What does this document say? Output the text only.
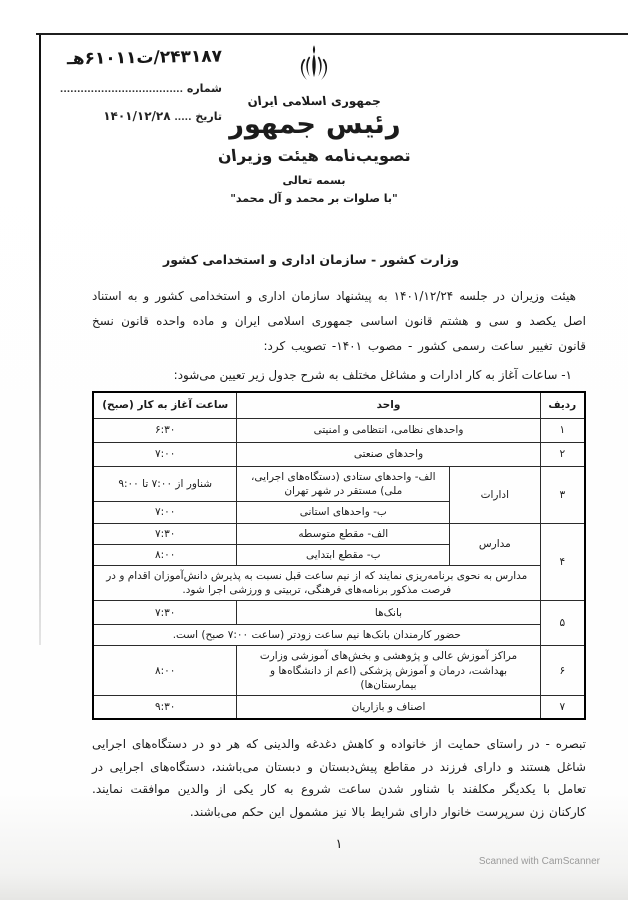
۲۴۳۱۸۷/ت۶۱۰۱۱هـ
شماره ....................................
تاریخ ..... ۱۴۰۱/۱۲/۲۸
جمهوری اسلامی ایران
رئیس جمهور
تصویب‌نامه هیئت وزیران
بسمه تعالی
"با صلوات بر محمد و آل محمد"
وزارت کشور - سازمان اداری و استخدامی کشور

هیئت وزیران در جلسه ۱۴۰۱/۱۲/۲۴ به پیشنهاد سازمان اداری و استخدامی کشور و به استناد اصل یکصد و سی و هشتم قانون اساسی جمهوری اسلامی ایران و ماده واحده قانون نسخ قانون تغییر ساعت رسمی کشور - مصوب ۱۴۰۱- تصویب کرد:

۱- ساعات آغاز به کار ادارات و مشاغل مختلف به شرح جدول زیر تعیین می‌شود:

ردیف	واحد		ساعت آغاز به کار (صبح)
۱	واحدهای نظامی، انتظامی و امنیتی		۶:۳۰
۲	واحدهای صنعتی		۷:۰۰
۳	ادارات	الف- واحدهای ستادی (دستگاه‌های اجرایی، ملی) مستقر در شهر تهران	شناور از ۷:۰۰ تا ۹:۰۰
		ب- واحدهای استانی	۷:۰۰
۴	مدارس	الف- مقطع متوسطه	۷:۳۰
		ب- مقطع ابتدایی	۸:۰۰
	مدارس به نحوی برنامه‌ریزی نمایند که از نیم ساعت قبل نسبت به پذیرش دانش‌آموزان اقدام و در فرصت مذکور برنامه‌های فرهنگی، تربیتی و ورزشی اجرا شود.		
۵	بانک‌ها		۷:۳۰
	حضور کارمندان بانک‌ها نیم ساعت زودتر (ساعت ۷:۰۰ صبح) است.		
۶	مراکز آموزش عالی و پژوهشی و بخش‌های آموزشی وزارت بهداشت، درمان و آموزش پزشکی (اعم از دانشگاه‌ها و بیمارستان‌ها)		۸:۰۰
۷	اصناف و بازاریان		۹:۳۰

تبصره - در راستای حمایت از خانواده و کاهش دغدغه والدینی که هر دو در دستگاه‌های اجرایی شاغل هستند و دارای فرزند در مقاطع پیش‌دبستان و دبستان می‌باشند، دستگاه‌های اجرایی در تعامل با یکدیگر مکلفند با شناور شدن ساعت شروع به کار یکی از والدین موافقت نمایند. کارکنان زن سرپرست خانوار دارای شرایط بالا نیز مشمول این حکم می‌باشند.

۱
Scanned with CamScanner
